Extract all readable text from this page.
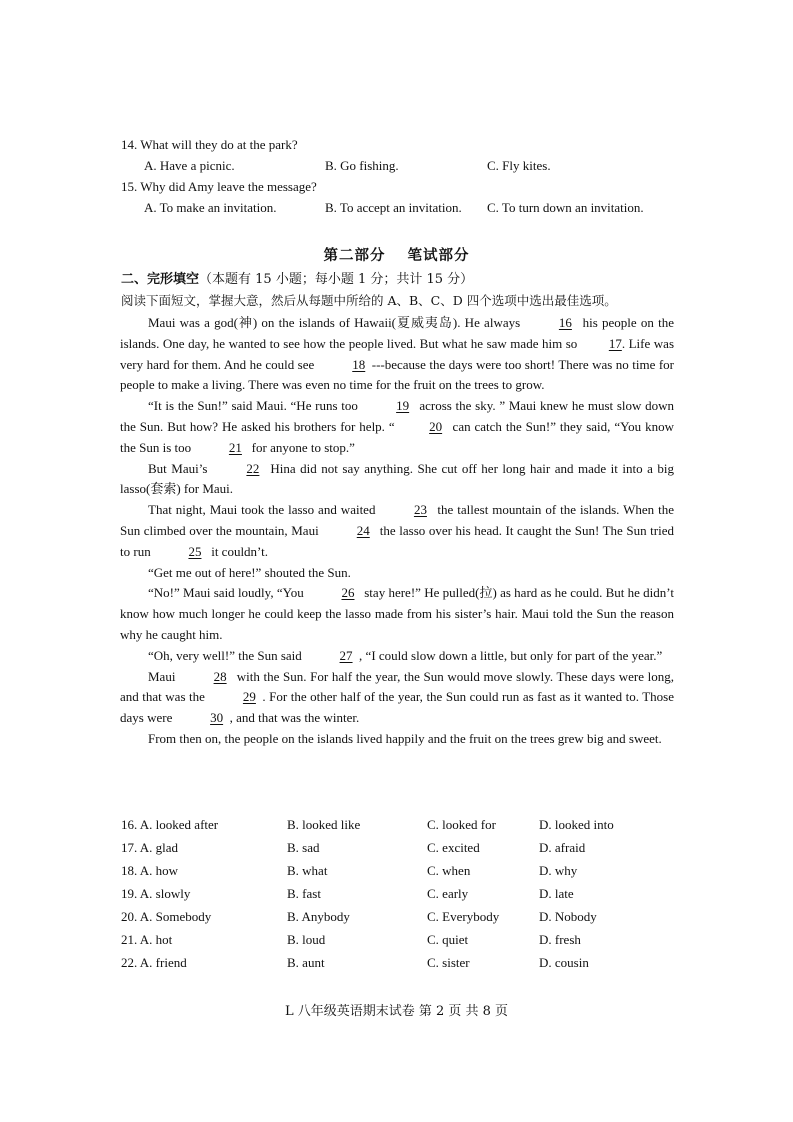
14. What will they do at the park?
A. Have a picnic.	B. Go fishing.	C. Fly kites.
15. Why did Amy leave the message?
A. To make an invitation.	B. To accept an invitation. C. To turn down an invitation.
第二部分 笔试部分
二、完形填空（本题有 15 小题；每小题 1 分；共计 15 分）
阅读下面短文，掌握大意，然后从每题中所给的 A、B、C、D 四个选项中选出最佳选项。

Maui was a god(神) on the islands of Hawaii(夏威夷岛). He always	16 his people on the islands. One day, he wanted to see how the people lived. But what he saw made him so 17. Life was very hard for them. And he could see	18 ---because the days were too short! There was no time for people to make a living. There was even no time for the fruit on the trees to grow.

“It is the Sun!” said Maui. “He runs too	19 across the sky. ” Maui knew he must slow down the Sun. But how? He asked his brothers for help. “	20 can catch the Sun!” they said, “You know the Sun is too	21 for anyone to stop.”

But Maui’s	22 Hina did not say anything. She cut off her long hair and made it into a big lasso(套索) for Maui.

That night, Maui took the lasso and waited	23 the tallest mountain of the islands. When the Sun climbed over the mountain, Maui	24 the lasso over his head. It caught the Sun! The Sun tried to run	25 it couldn’t.

“Get me out of here!” shouted the Sun.

“No!” Maui said loudly, “You	26 stay here!” He pulled(拉) as hard as he could. But he didn’t know how much longer he could keep the lasso made from his sister’s hair. Maui told the Sun the reason why he caught him.

“Oh, very well!” the Sun said	27 , “I could slow down a little, but only for part of the year.”

Maui	28 with the Sun. For half the year, the Sun would move slowly. These days were long, and that was the	29 . For the other half of the year, the Sun could run as fast as it wanted to. Those days were	30 , and that was the winter.

From then on, the people on the islands lived happily and the fruit on the trees grew big and sweet.

16. A. looked after	B. looked like	C. looked for	D. looked into
17. A. glad	B. sad	C. excited	D. afraid
18. A. how	B. what	C. when	D. why
19. A. slowly	B. fast	C. early	D. late
20. A. Somebody	B. Anybody	C. Everybody	D. Nobody
21. A. hot	B. loud	C. quiet	D. fresh
22. A. friend	B. aunt	C. sister	D. cousin
L 八年级英语期末试卷 第 2 页 共 8 页
